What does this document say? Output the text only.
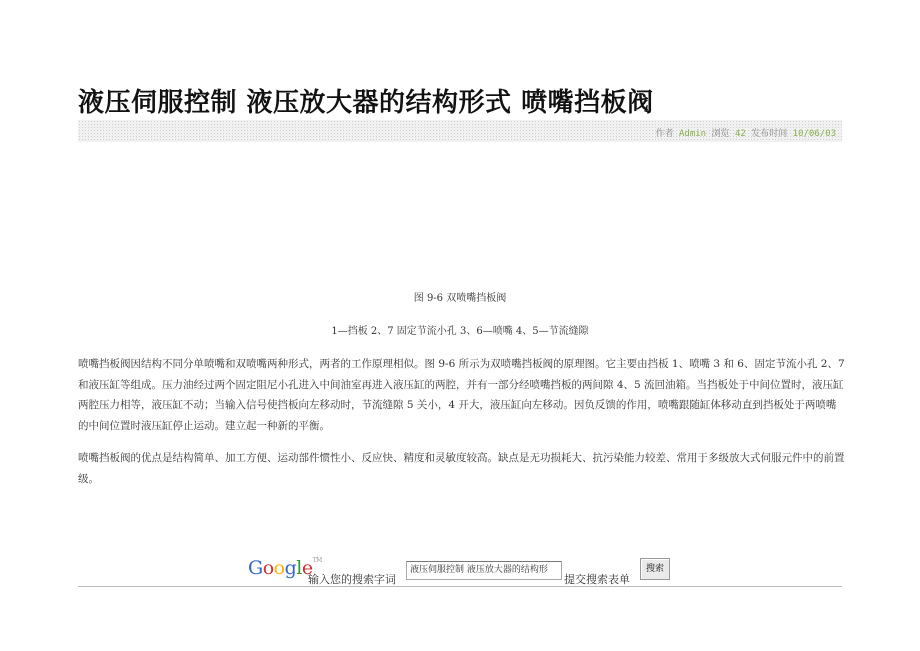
液压伺服控制 液压放大器的结构形式 喷嘴挡板阀
作者 Admin 浏览 42 发布时间 10/06/03
图 9-6 双喷嘴挡板阀
1—挡板 2、7 固定节流小孔 3、6—喷嘴 4、5—节流缝隙
喷嘴挡板阀因结构不同分单喷嘴和双喷嘴两种形式，两者的工作原理相似。图 9-6 所示为双喷嘴挡板阀的原理图。它主要由挡板 1、喷嘴 3 和 6、固定节流小孔 2、7 和液压缸等组成。压力油经过两个固定阻尼小孔进入中间油室再进入液压缸的两腔，并有一部分经喷嘴挡板的两间隙 4、5 流回油箱。当挡板处于中间位置时，液压缸两腔压力相等，液压缸不动；当输入信号使挡板向左移动时，节流缝隙 5 关小，4 开大，液压缸向左移动。因负反馈的作用，喷嘴跟随缸体移动直到挡板处于两喷嘴的中间位置时液压缸停止运动。建立起一种新的平衡。
喷嘴挡板阀的优点是结构简单、加工方便、运动部件惯性小、反应快、精度和灵敏度较高。缺点是无功损耗大、抗污染能力较差、常用于多级放大式伺服元件中的前置级。
Google™
输入您的搜索字词
液压伺服控制 液压放大器的结构形
提交搜索表单
搜索
